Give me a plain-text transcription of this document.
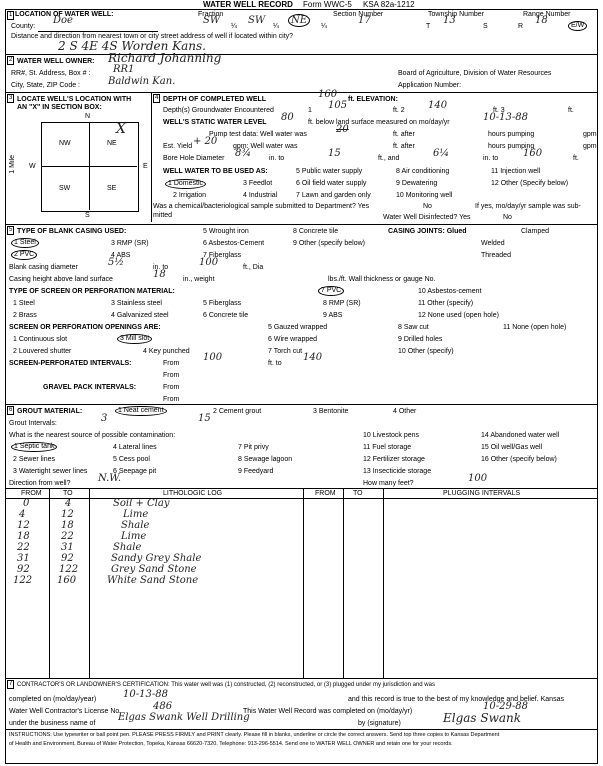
WATER WELL RECORD Form WWC-5 KSA 82a-1212
1 LOCATION OF WATER WELL:	Fraction	Section Number	Township Number	Range Number
County:
Doe	SW
¼
SW
¼
NE
¼
17
T
13
S	R
18	E/W
Distance and direction from nearest town or city street address of well if located within city?
2 S 4E 4S Worden Kans.
2 WATER WELL OWNER: Richard Johanning
RR#, St. Address, Box # : RR1	Board of Agriculture, Division of Water Resources
City, State, ZIP Code :	Baldwin Kan.	Application Number:
3 LOCATE WELL'S LOCATION WITH
AN "X" IN SECTION BOX:
N
S
W	E
1 Mile
NW	NE
SW	SE
X
4 DEPTH OF COMPLETED WELL	160 ft. ELEVATION:
Depth(s) Groundwater Encountered	1 105	ft. 2 140	ft. 3	ft.
WELL'S STATIC WATER LEVEL 80 ft. below land surface measured on mo/day/yr	10-13-88
Pump test data: Well water was	20	ft. after	hours pumping	gpm
Est. Yield + 20 gpm: Well water was	ft. after	hours pumping	gpm
Bore Hole Diameter 8¾	in. to	15	ft., and	6¼	in. to 160	ft.
WELL WATER TO BE USED AS:
1 Domestic	3 Feedlot
5 Public water supply	8 Air conditioning	11 Injection well
2 Irrigation	4 Industrial
6 Oil field water supply	9 Dewatering	12 Other (Specify below)
7 Lawn and garden only	10 Monitoring well
Was a chemical/bacteriological sample submitted to Department? Yes	No	If yes, mo/day/yr sample was sub-
mitted	Water Well Disinfected? Yes	No
5 TYPE OF BLANK CASING USED:
1 Steel	3 RMP (SR)
5 Wrought iron	8 Concrete tile
2 PVC	4 ABS
6 Asbestos-Cement
7 Fiberglass
9 Other (specify below)
CASING JOINTS: Glued	Clamped
Welded
Threaded
Blank casing diameter	5½	in. to	100	ft., Dia
Casing height above land surface	18 in., weight	lbs./ft. Wall thickness or gauge No.
TYPE OF SCREEN OR PERFORATION MATERIAL:
1 Steel	3 Stainless steel	5 Fiberglass
7 PVC	10 Asbestos-cement
2 Brass	4 Galvanized steel	6 Concrete tile
8 RMP (SR)
9 ABS
11 Other (specify)
12 None used (open hole)
SCREEN OR PERFORATION OPENINGS ARE:
1 Continuous slot	3 Mill slot
5 Gauzed wrapped	8 Saw cut	11 None (open hole)
2 Louvered shutter	4 Key punched
6 Wire wrapped
7 Torch cut
9 Drilled holes
10 Other (specify)
SCREEN-PERFORATED INTERVALS:	From
100
ft. to
140
From
GRAVEL PACK INTERVALS:	From
From
6 GROUT MATERIAL:	1 Neat cement	2 Cement grout	3 Bentonite	4 Other
Grout Intervals:	3	15
What is the nearest source of possible contamination:
1 Septic tank	4 Lateral lines	7 Pit privy
10 Livestock pens	14 Abandoned water well
2 Sewer lines	5 Cess pool	8 Sewage lagoon
11 Fuel storage	15 Oil well/Gas well
3 Watertight sewer lines	6 Seepage pit	9 Feedyard
12 Fertilizer storage	16 Other (specify below)
13 Insecticide storage
Direction from well?	N.W.	How many feet?	100
FROM	TO	LITHOLOGIC LOG	FROM TO	PLUGGING INTERVALS
0	4	Soil + Clay
4	12	Lime
12	18	Shale
18	22	Lime
22	31	Shale
31	92	Sandy Grey Shale
92	122	Grey Sand Stone
122 160	White Sand Stone
7 CONTRACTOR'S OR LANDOWNER'S CERTIFICATION: This water well was (1) constructed, (2) reconstructed, or (3) plugged under my jurisdiction and was
completed on (mo/day/year)	10-13-88	and this record is true to the best of my knowledge and belief. Kansas
Water Well Contractor's License No.	486	This Water Well Record was completed on (mo/day/yr)	10-29-88
under the business name of
Elgas Swank Well Drilling
by (signature)	Elgas Swank
INSTRUCTIONS: Use typewriter or ball point pen. PLEASE PRESS FIRMLY and PRINT clearly. Please fill in blanks, underline or circle the correct answers. Send top three copies to Kansas Department
of Health and Environment, Bureau of Water Protection, Topeka, Kansas 66620-7320. Telephone: 913-296-5514. Send one to WATER WELL OWNER and retain one for your records.
